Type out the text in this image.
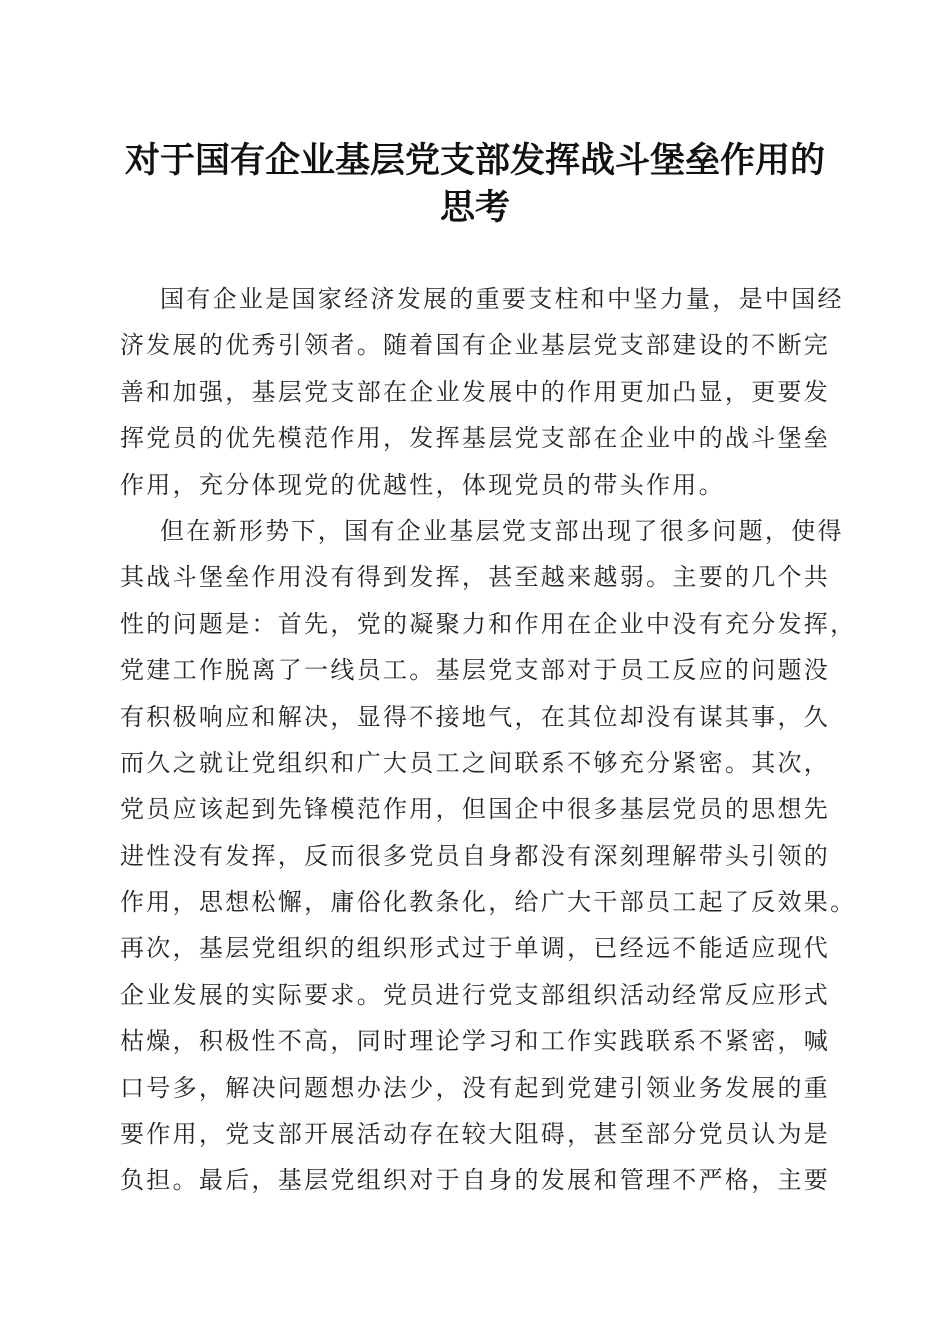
对于国有企业基层党支部发挥战斗堡垒作用的
思考
国有企业是国家经济发展的重要支柱和中坚力量，是中国经
济发展的优秀引领者。随着国有企业基层党支部建设的不断完
善和加强，基层党支部在企业发展中的作用更加凸显，更要发
挥党员的优先模范作用，发挥基层党支部在企业中的战斗堡垒
作用，充分体现党的优越性，体现党员的带头作用。
但在新形势下，国有企业基层党支部出现了很多问题，使得
其战斗堡垒作用没有得到发挥，甚至越来越弱。主要的几个共
性的问题是：首先，党的凝聚力和作用在企业中没有充分发挥，
党建工作脱离了一线员工。基层党支部对于员工反应的问题没
有积极响应和解决，显得不接地气，在其位却没有谋其事，久
而久之就让党组织和广大员工之间联系不够充分紧密。其次，
党员应该起到先锋模范作用，但国企中很多基层党员的思想先
进性没有发挥，反而很多党员自身都没有深刻理解带头引领的
作用，思想松懈，庸俗化教条化，给广大干部员工起了反效果。
再次，基层党组织的组织形式过于单调，已经远不能适应现代
企业发展的实际要求。党员进行党支部组织活动经常反应形式
枯燥，积极性不高，同时理论学习和工作实践联系不紧密，喊
口号多，解决问题想办法少，没有起到党建引领业务发展的重
要作用，党支部开展活动存在较大阻碍，甚至部分党员认为是
负担。最后，基层党组织对于自身的发展和管理不严格，主要
